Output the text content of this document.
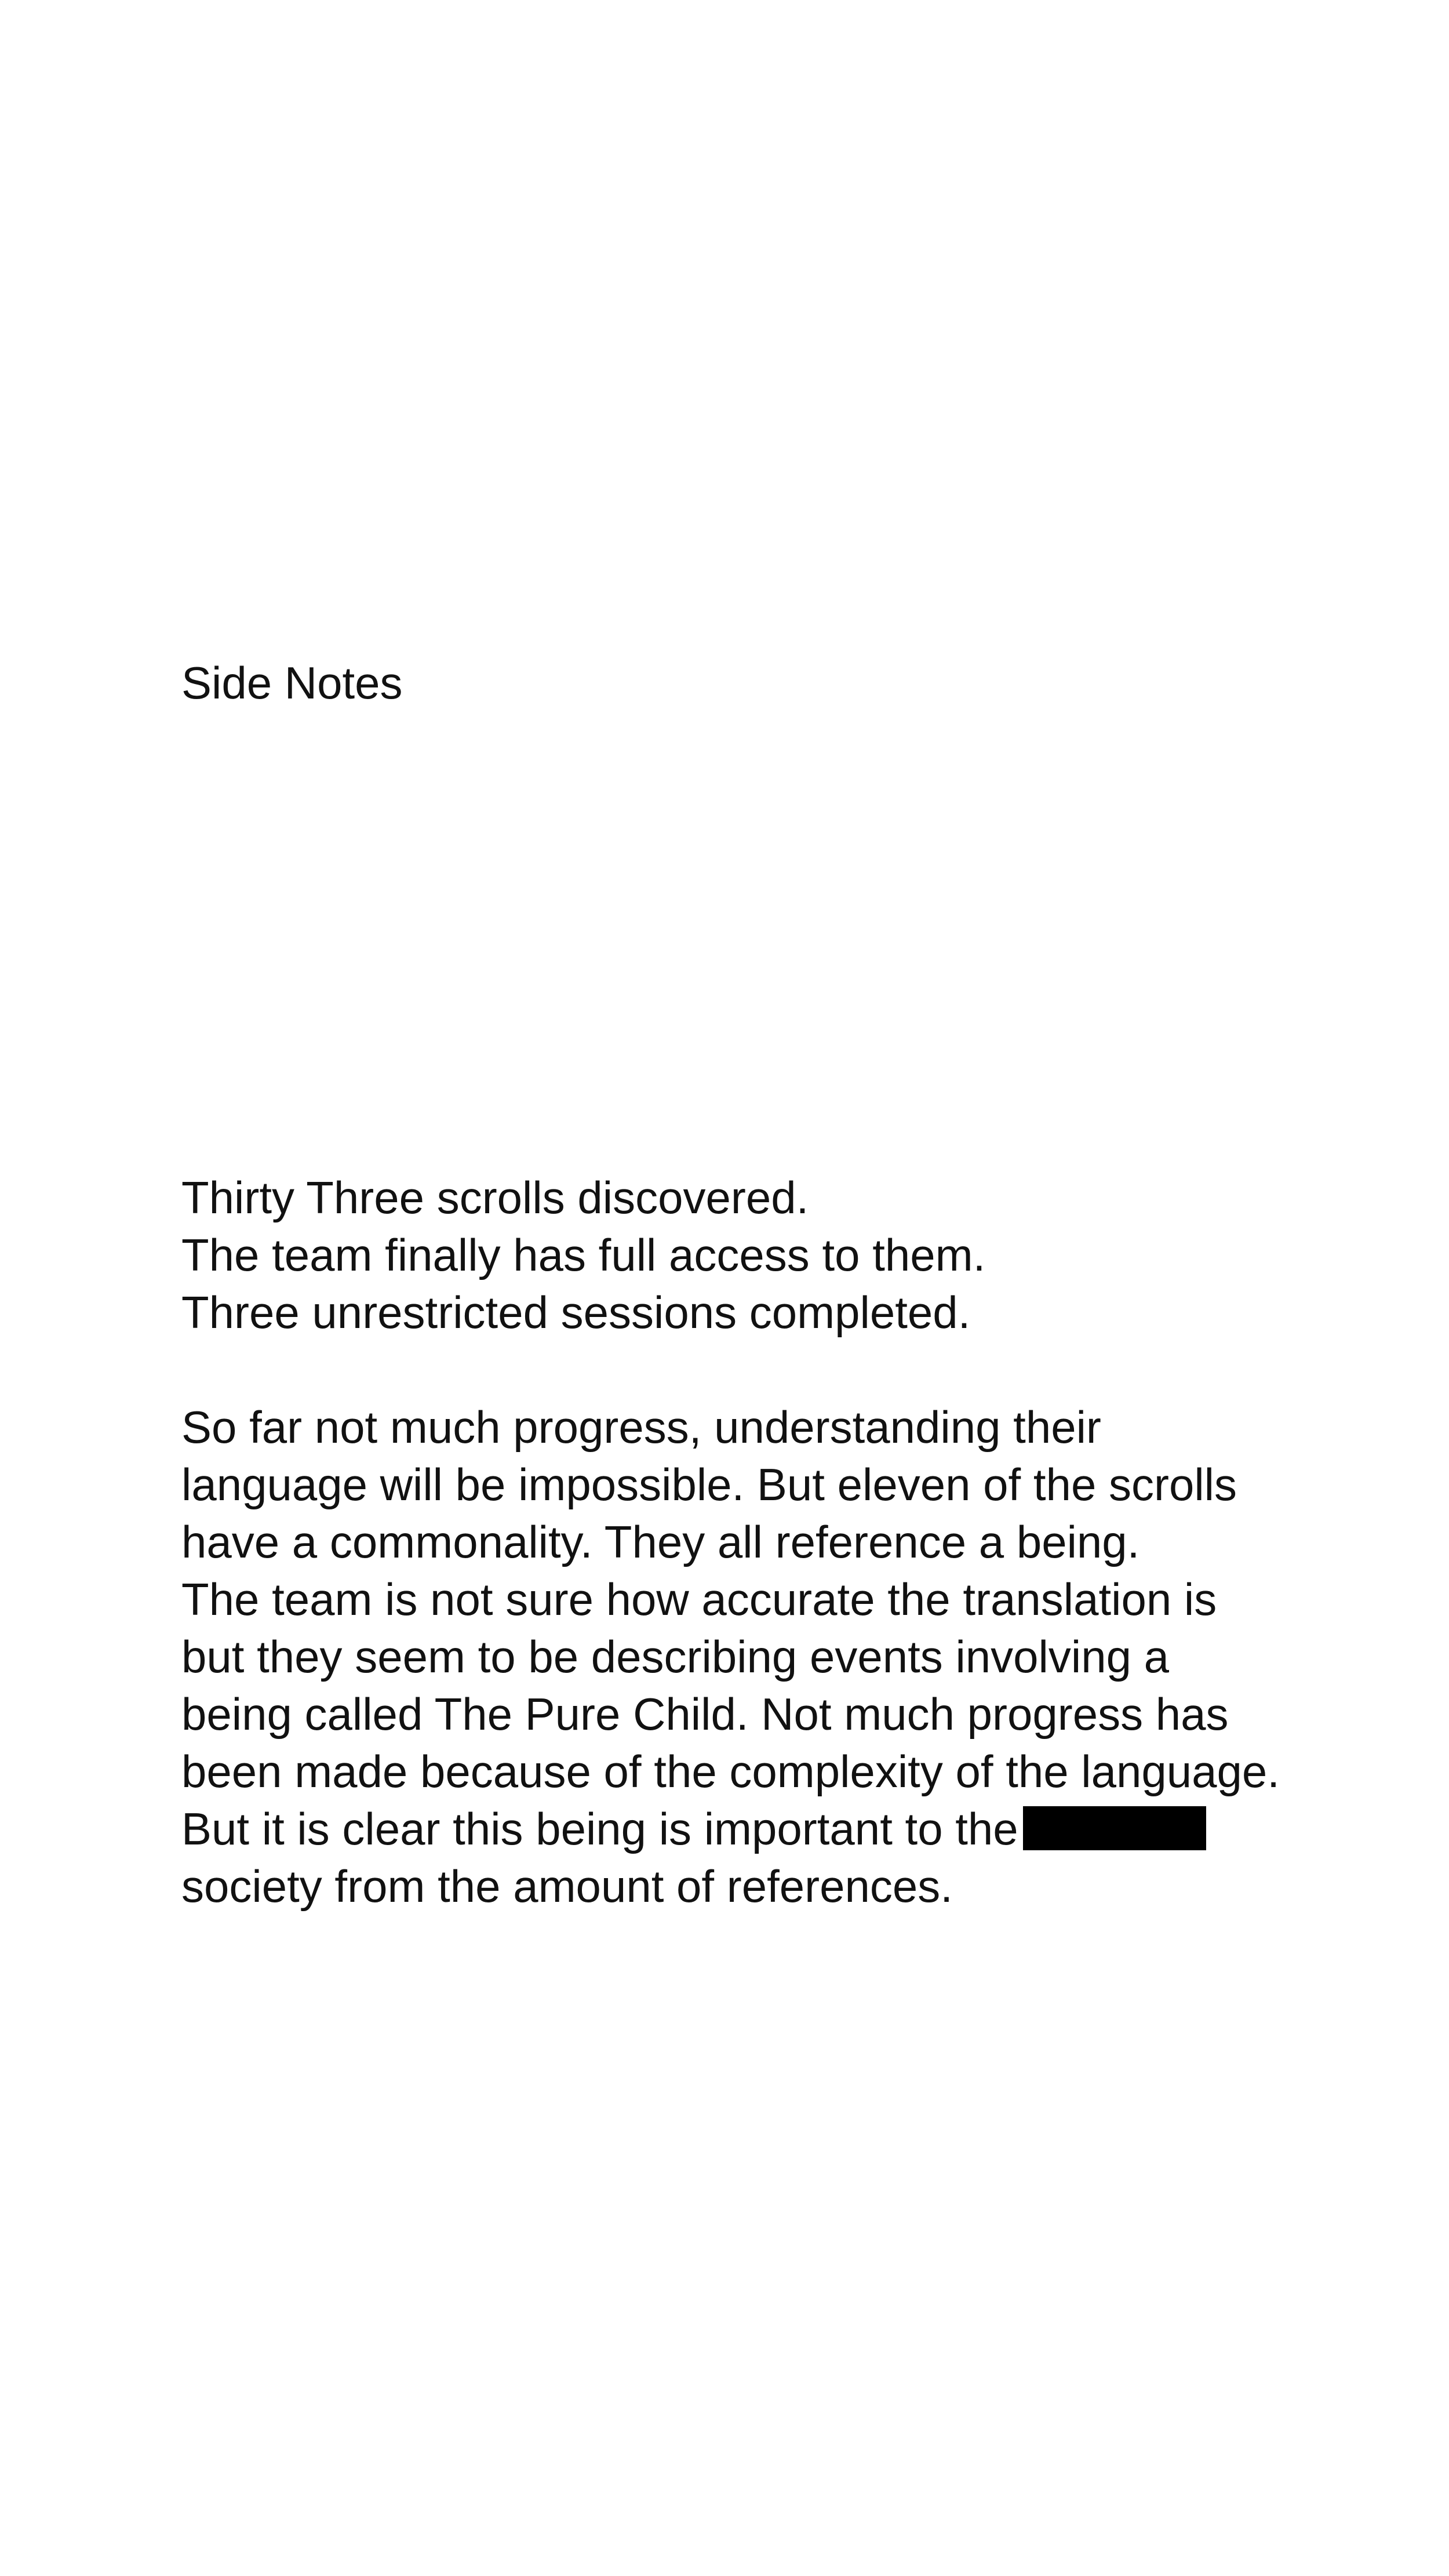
Side Notes
Thirty Three scrolls discovered.
The team finally has full access to them.
Three unrestricted sessions completed.
So far not much progress, understanding their
language will be impossible. But eleven of the scrolls
have a commonality. They all reference a being.
The team is not sure how accurate the translation is
but they seem to be describing events involving a
being called The Pure Child. Not much progress has
been made because of the complexity of the language.
But it is clear this being is important to the
society from the amount of references.
